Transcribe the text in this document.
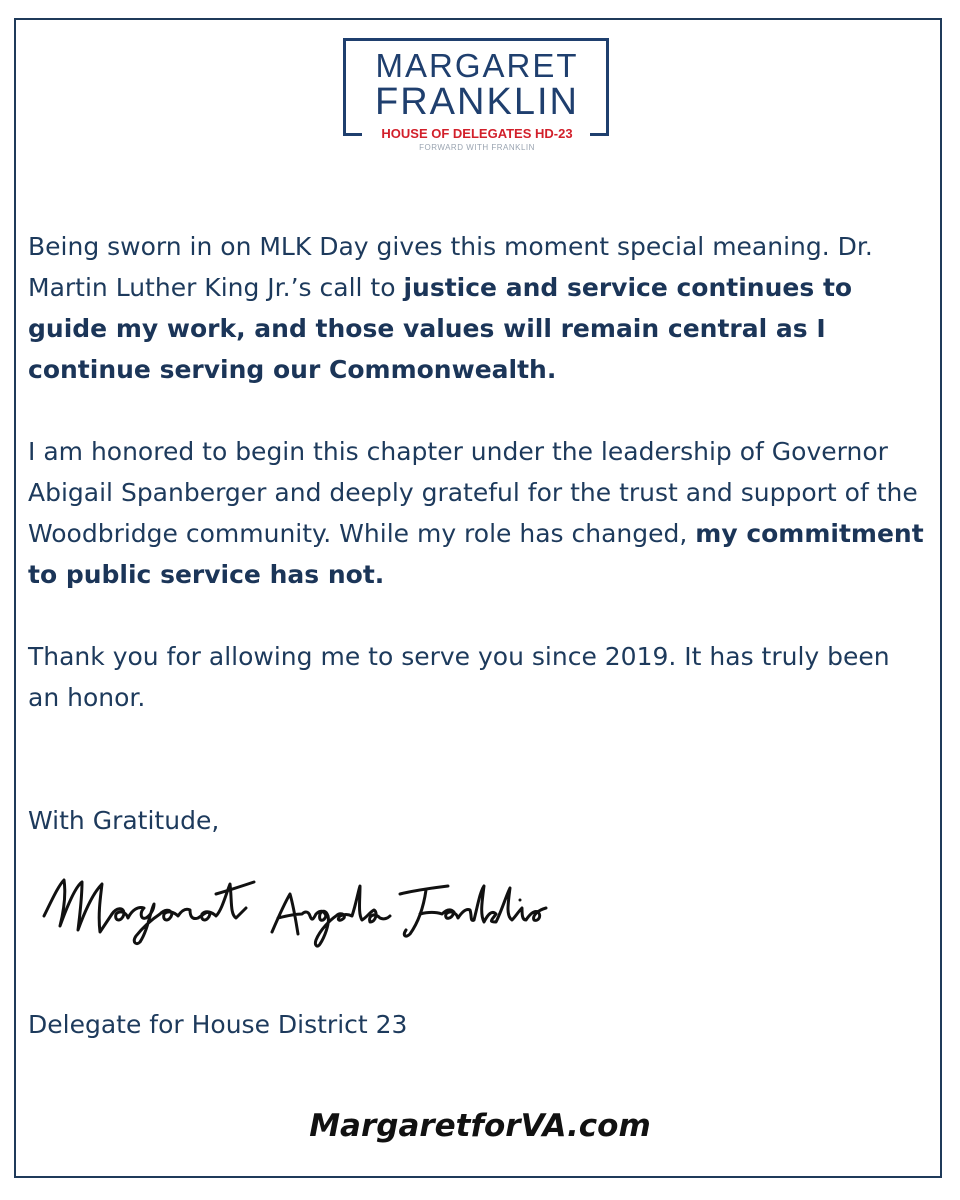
MARGARET
FRANKLIN
HOUSE OF DELEGATES HD-23
FORWARD WITH FRANKLIN

Being sworn in on MLK Day gives this moment special meaning. Dr. Martin Luther King Jr.’s call to justice and service continues to guide my work, and those values will remain central as I continue serving our Commonwealth.

I am honored to begin this chapter under the leadership of Governor Abigail Spanberger and deeply grateful for the trust and support of the Woodbridge community. While my role has changed, my commitment to public service has not.

Thank you for allowing me to serve you since 2019. It has truly been an honor.

With Gratitude,

Delegate for House District 23

MargaretforVA.com
